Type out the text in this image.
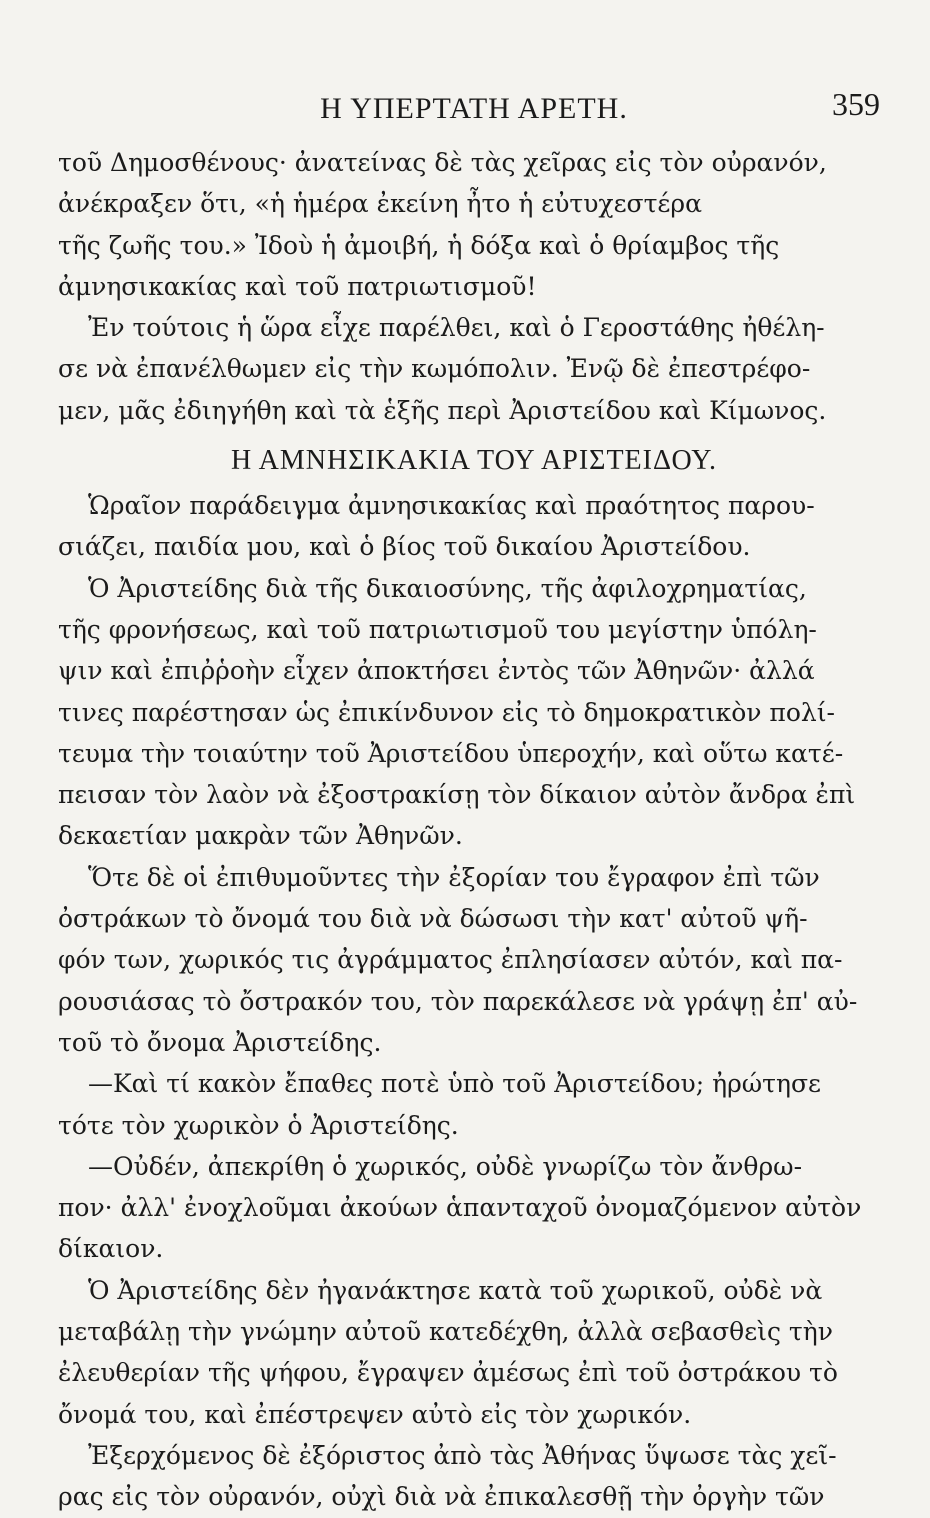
Η ΥΠΕΡΤΑΤΗ ΑΡΕΤΗ.	359
τοῦ Δημοσθένους· ἀνατείνας δὲ τὰς χεῖρας εἰς τὸν οὐρανόν,
ἀνέκραξεν ὅτι, «ἡ ἡμέρα ἐκείνη ἦτο ἡ εὐτυχεστέρα
τῆς ζωῆς του.» Ἰδοὺ ἡ ἀμοιβή, ἡ δόξα καὶ ὁ θρίαμβος τῆς
ἀμνησικακίας καὶ τοῦ πατριωτισμοῦ!
Ἐν τούτοις ἡ ὥρα εἶχε παρέλθει, καὶ ὁ Γεροστάθης ἠθέλη-
σε νὰ ἐπανέλθωμεν εἰς τὴν κωμόπολιν. Ἐνῷ δὲ ἐπεστρέφο-
μεν, μᾶς ἐδιηγήθη καὶ τὰ ἑξῆς περὶ Ἀριστείδου καὶ Κίμωνος.
Η ΑΜΝΗΣΙΚΑΚΙΑ ΤΟΥ ΑΡΙΣΤΕΙΔΟΥ.
Ὡραῖον παράδειγμα ἀμνησικακίας καὶ πραότητος παρου-
σιάζει, παιδία μου, καὶ ὁ βίος τοῦ δικαίου Ἀριστείδου.
Ὁ Ἀριστείδης διὰ τῆς δικαιοσύνης, τῆς ἀφιλοχρηματίας,
τῆς φρονήσεως, καὶ τοῦ πατριωτισμοῦ του μεγίστην ὑπόλη-
ψιν καὶ ἐπιῤῥοὴν εἶχεν ἀποκτήσει ἐντὸς τῶν Ἀθηνῶν· ἀλλά
τινες παρέστησαν ὡς ἐπικίνδυνον εἰς τὸ δημοκρατικὸν πολί-
τευμα τὴν τοιαύτην τοῦ Ἀριστείδου ὑπεροχήν, καὶ οὕτω κατέ-
πεισαν τὸν λαὸν νὰ ἐξοστρακίσῃ τὸν δίκαιον αὐτὸν ἄνδρα ἐπὶ
δεκαετίαν μακρὰν τῶν Ἀθηνῶν.
Ὅτε δὲ οἱ ἐπιθυμοῦντες τὴν ἐξορίαν του ἔγραφον ἐπὶ τῶν
ὀστράκων τὸ ὄνομά του διὰ νὰ δώσωσι τὴν κατ' αὐτοῦ ψῆ-
φόν των, χωρικός τις ἀγράμματος ἐπλησίασεν αὐτόν, καὶ πα-
ρουσιάσας τὸ ὄστρακόν του, τὸν παρεκάλεσε νὰ γράψῃ ἐπ' αὐ-
τοῦ τὸ ὄνομα Ἀριστείδης.
—Καὶ τί κακὸν ἔπαθες ποτὲ ὑπὸ τοῦ Ἀριστείδου; ἠρώτησε
τότε τὸν χωρικὸν ὁ Ἀριστείδης.
—Οὐδέν, ἀπεκρίθη ὁ χωρικός, οὐδὲ γνωρίζω τὸν ἄνθρω-
πον· ἀλλ' ἐνοχλοῦμαι ἀκούων ἁπανταχοῦ ὀνομαζόμενον αὐτὸν
δίκαιον.
Ὁ Ἀριστείδης δὲν ἠγανάκτησε κατὰ τοῦ χωρικοῦ, οὐδὲ νὰ
μεταβάλῃ τὴν γνώμην αὐτοῦ κατεδέχθη, ἀλλὰ σεβασθεὶς τὴν
ἐλευθερίαν τῆς ψήφου, ἔγραψεν ἀμέσως ἐπὶ τοῦ ὀστράκου τὸ
ὄνομά του, καὶ ἐπέστρεψεν αὐτὸ εἰς τὸν χωρικόν.
Ἐξερχόμενος δὲ ἐξόριστος ἀπὸ τὰς Ἀθήνας ὕψωσε τὰς χεῖ-
ρας εἰς τὸν οὐρανόν, οὐχὶ διὰ νὰ ἐπικαλεσθῇ τὴν ὀργὴν τῶν
